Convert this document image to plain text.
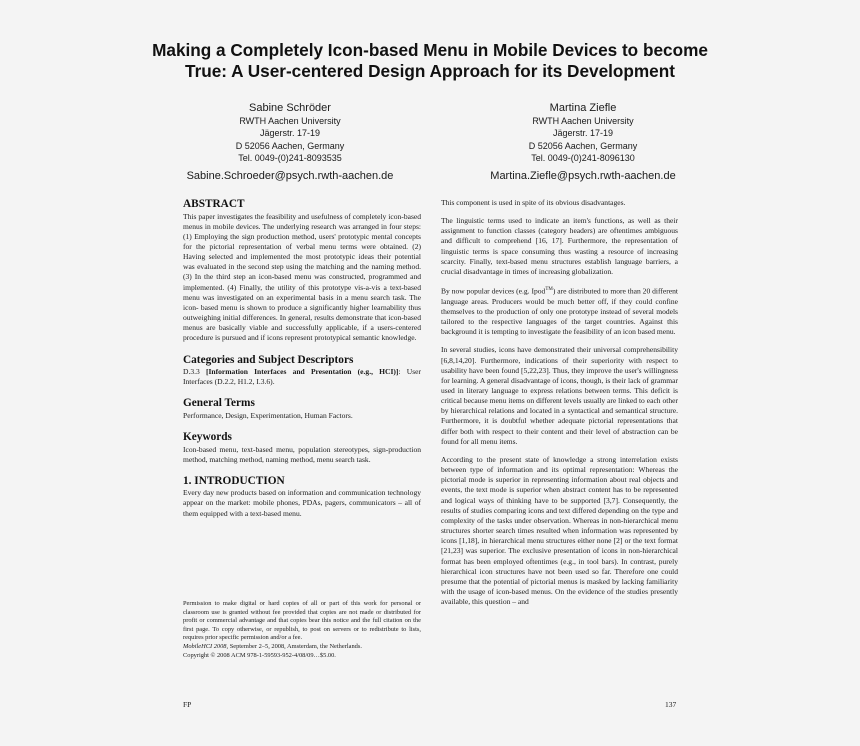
Making a Completely Icon-based Menu in Mobile Devices to become True: A User-centered Design Approach for its Development
Sabine Schröder
RWTH Aachen University
Jägerstr. 17-19
D 52056 Aachen, Germany
Tel. 0049-(0)241-8093535
Sabine.Schroeder@psych.rwth-aachen.de
Martina Ziefle
RWTH Aachen University
Jägerstr. 17-19
D 52056 Aachen, Germany
Tel. 0049-(0)241-8096130
Martina.Ziefle@psych.rwth-aachen.de
ABSTRACT

This paper investigates the feasibility and usefulness of completely icon-based menus in mobile devices. The underlying research was arranged in four steps: (1) Employing the sign production method, users' prototypic mental concepts for the pictorial representation of verbal menu terms were obtained. (2) Having selected and implemented the most prototypic ideas their potential was evaluated in the second step using the matching and the naming method. (3) In the third step an icon-based menu was constructed, programmed and implemented. (4) Finally, the utility of this prototype vis-a-vis a text-based menu was investigated on an experimental basis in a menu search task. The icon- based menu is shown to produce a significantly higher learnability thus outweighing initial differences. In general, results demonstrate that icon-based menus are basically viable and successfully applicable, if a users-centered procedure is pursued and if icons represent prototypical semantic knowledge.

Categories and Subject Descriptors

D.3.3 [Information Interfaces and Presentation (e.g., HCI)]: User Interfaces (D.2.2, H1.2, I.3.6).

General Terms

Performance, Design, Experimentation, Human Factors.

Keywords

Icon-based menu, text-based menu, population stereotypes, sign-production method, matching method, naming method, menu search task.

1. INTRODUCTION

Every day new products based on information and communication technology appear on the market: mobile phones, PDAs, pagers, communicators – all of them equipped with a text-based menu.

Permission to make digital or hard copies of all or part of this work for personal or classroom use is granted without fee provided that copies are not made or distributed for profit or commercial advantage and that copies bear this notice and the full citation on the first page. To copy otherwise, or republish, to post on servers or to redistribute to lists, requires prior specific permission and/or a fee.

MobileHCI 2008, September 2–5, 2008, Amsterdam, the Netherlands.

Copyright © 2008 ACM 978-1-59593-952-4/08/09…$5.00.

This component is used in spite of its obvious disadvantages.

The linguistic terms used to indicate an item's functions, as well as their assignment to function classes (category headers) are oftentimes ambiguous and difficult to comprehend [16, 17]. Furthermore, the representation of linguistic terms is space consuming thus wasting a resource of increasing scarcity. Finally, text-based menu structures establish language barriers, a crucial disadvantage in times of increasing globalization.

By now popular devices (e.g. Ipod™) are distributed to more than 20 different language areas. Producers would be much better off, if they could confine themselves to the production of only one prototype instead of several models tailored to the respective languages of the target countries. Against this background it is tempting to investigate the feasibility of an icon based menu.

In several studies, icons have demonstrated their universal comprehensibility [6,8,14,20]. Furthermore, indications of their superiority with respect to usability have been found [5,22,23]. Thus, they improve the user's willingness for learning. A general disadvantage of icons, though, is their lack of grammar used in literary language to express relations between terms. This deficit is critical because menu items on different levels usually are linked to each other by hierarchical relations and located in a syntactical and semantical structure. Furthermore, it is doubtful whether adequate pictorial representations that differ both with respect to their content and their level of abstraction can be found for all menu items.

According to the present state of knowledge a strong interrelation exists between type of information and its optimal representation: Whereas the pictorial mode is superior in representing information about real objects and events, the text mode is superior when abstract content has to be represented and logical ways of thinking have to be supported [3,7]. Consequently, the results of studies comparing icons and text differed depending on the type and complexity of the tasks under observation. Whereas in non-hierarchical menu structures shorter search times resulted when information was represented by icons [1,18], in hierarchical menu structures either none [2] or the text format [21,23] was superior. The exclusive presentation of icons in non-hierarchical format has been employed oftentimes (e.g., in tool bars). In contrast, purely hierarchical icon structures have not been used so far. Therefore one could presume that the potential of pictorial menus is masked by lacking familiarity with the usage of icon-based menus. On the evidence of the studies presently available, this question – and

FP	137
